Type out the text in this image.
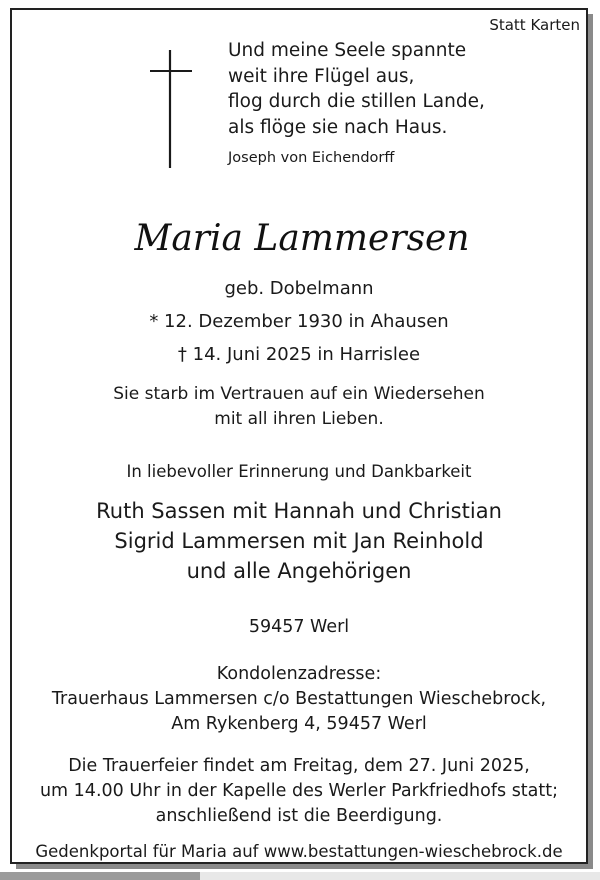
Statt Karten
Und meine Seele spannte
weit ihre Flügel aus,
flog durch die stillen Lande,
als flöge sie nach Haus.
Joseph von Eichendorff
Maria Lammersen
geb. Dobelmann
* 12. Dezember 1930 in Ahausen
† 14. Juni 2025 in Harrislee
Sie starb im Vertrauen auf ein Wiedersehen
mit all ihren Lieben.
In liebevoller Erinnerung und Dankbarkeit
Ruth Sassen mit Hannah und Christian
Sigrid Lammersen mit Jan Reinhold
und alle Angehörigen
59457 Werl
Kondolenzadresse:
Trauerhaus Lammersen c/o Bestattungen Wieschebrock,
Am Rykenberg 4, 59457 Werl
Die Trauerfeier findet am Freitag, dem 27. Juni 2025,
um 14.00 Uhr in der Kapelle des Werler Parkfriedhofs statt;
anschließend ist die Beerdigung.
Gedenkportal für Maria auf www.bestattungen-wieschebrock.de
